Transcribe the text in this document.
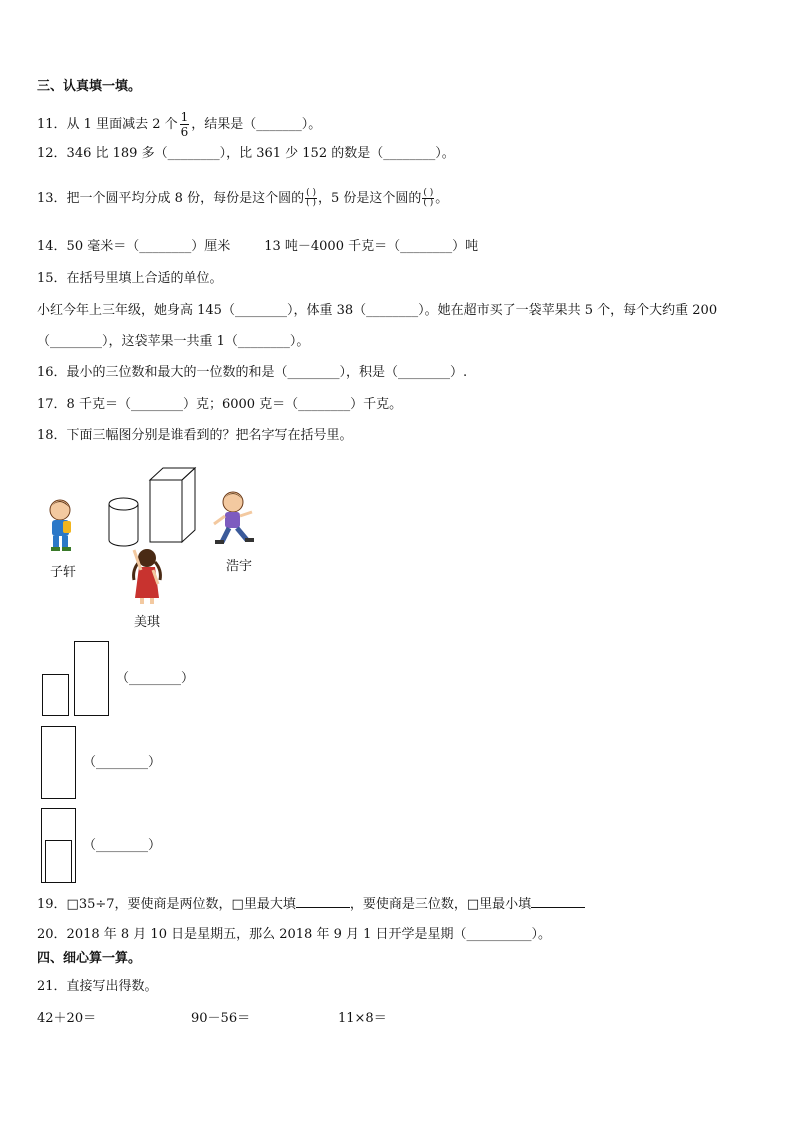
三、认真填一填。
11．从 1 里面减去 2 个 $\frac{1}{6}$ ，结果是（_______）。
12．346 比 189 多（________），比 361 少 152 的数是（________）。
13．把一个圆平均分成 8 份，每份是这个圆的 $\frac{( )}{( )}$ ，5 份是这个圆的 $\frac{( )}{( )}$ 。
14．50 毫米＝（________）厘米	13 吨－4000 千克＝（________）吨
15．在括号里填上合适的单位。
小红今年上三年级，她身高 145（________），体重 38（________）。她在超市买了一袋苹果共 5 个，每个大约重 200
（________），这袋苹果一共重 1（________）。
16．最小的三位数和最大的一位数的和是（________），积是（________）.
17．8 千克＝（________）克；6000 克＝（________）千克。
18．下面三幅图分别是谁看到的？把名字写在括号里。
子轩	浩宇
美琪
（________）
（________）
（________）
19．□35÷7，要使商是两位数，□里最大填	，要使商是三位数，□里最小填
20．2018 年 8 月 10 日是星期五，那么 2018 年 9 月 1 日开学是星期（__________）。
四、细心算一算。
21．直接写出得数。
42＋20＝	90－56＝	11×8＝
